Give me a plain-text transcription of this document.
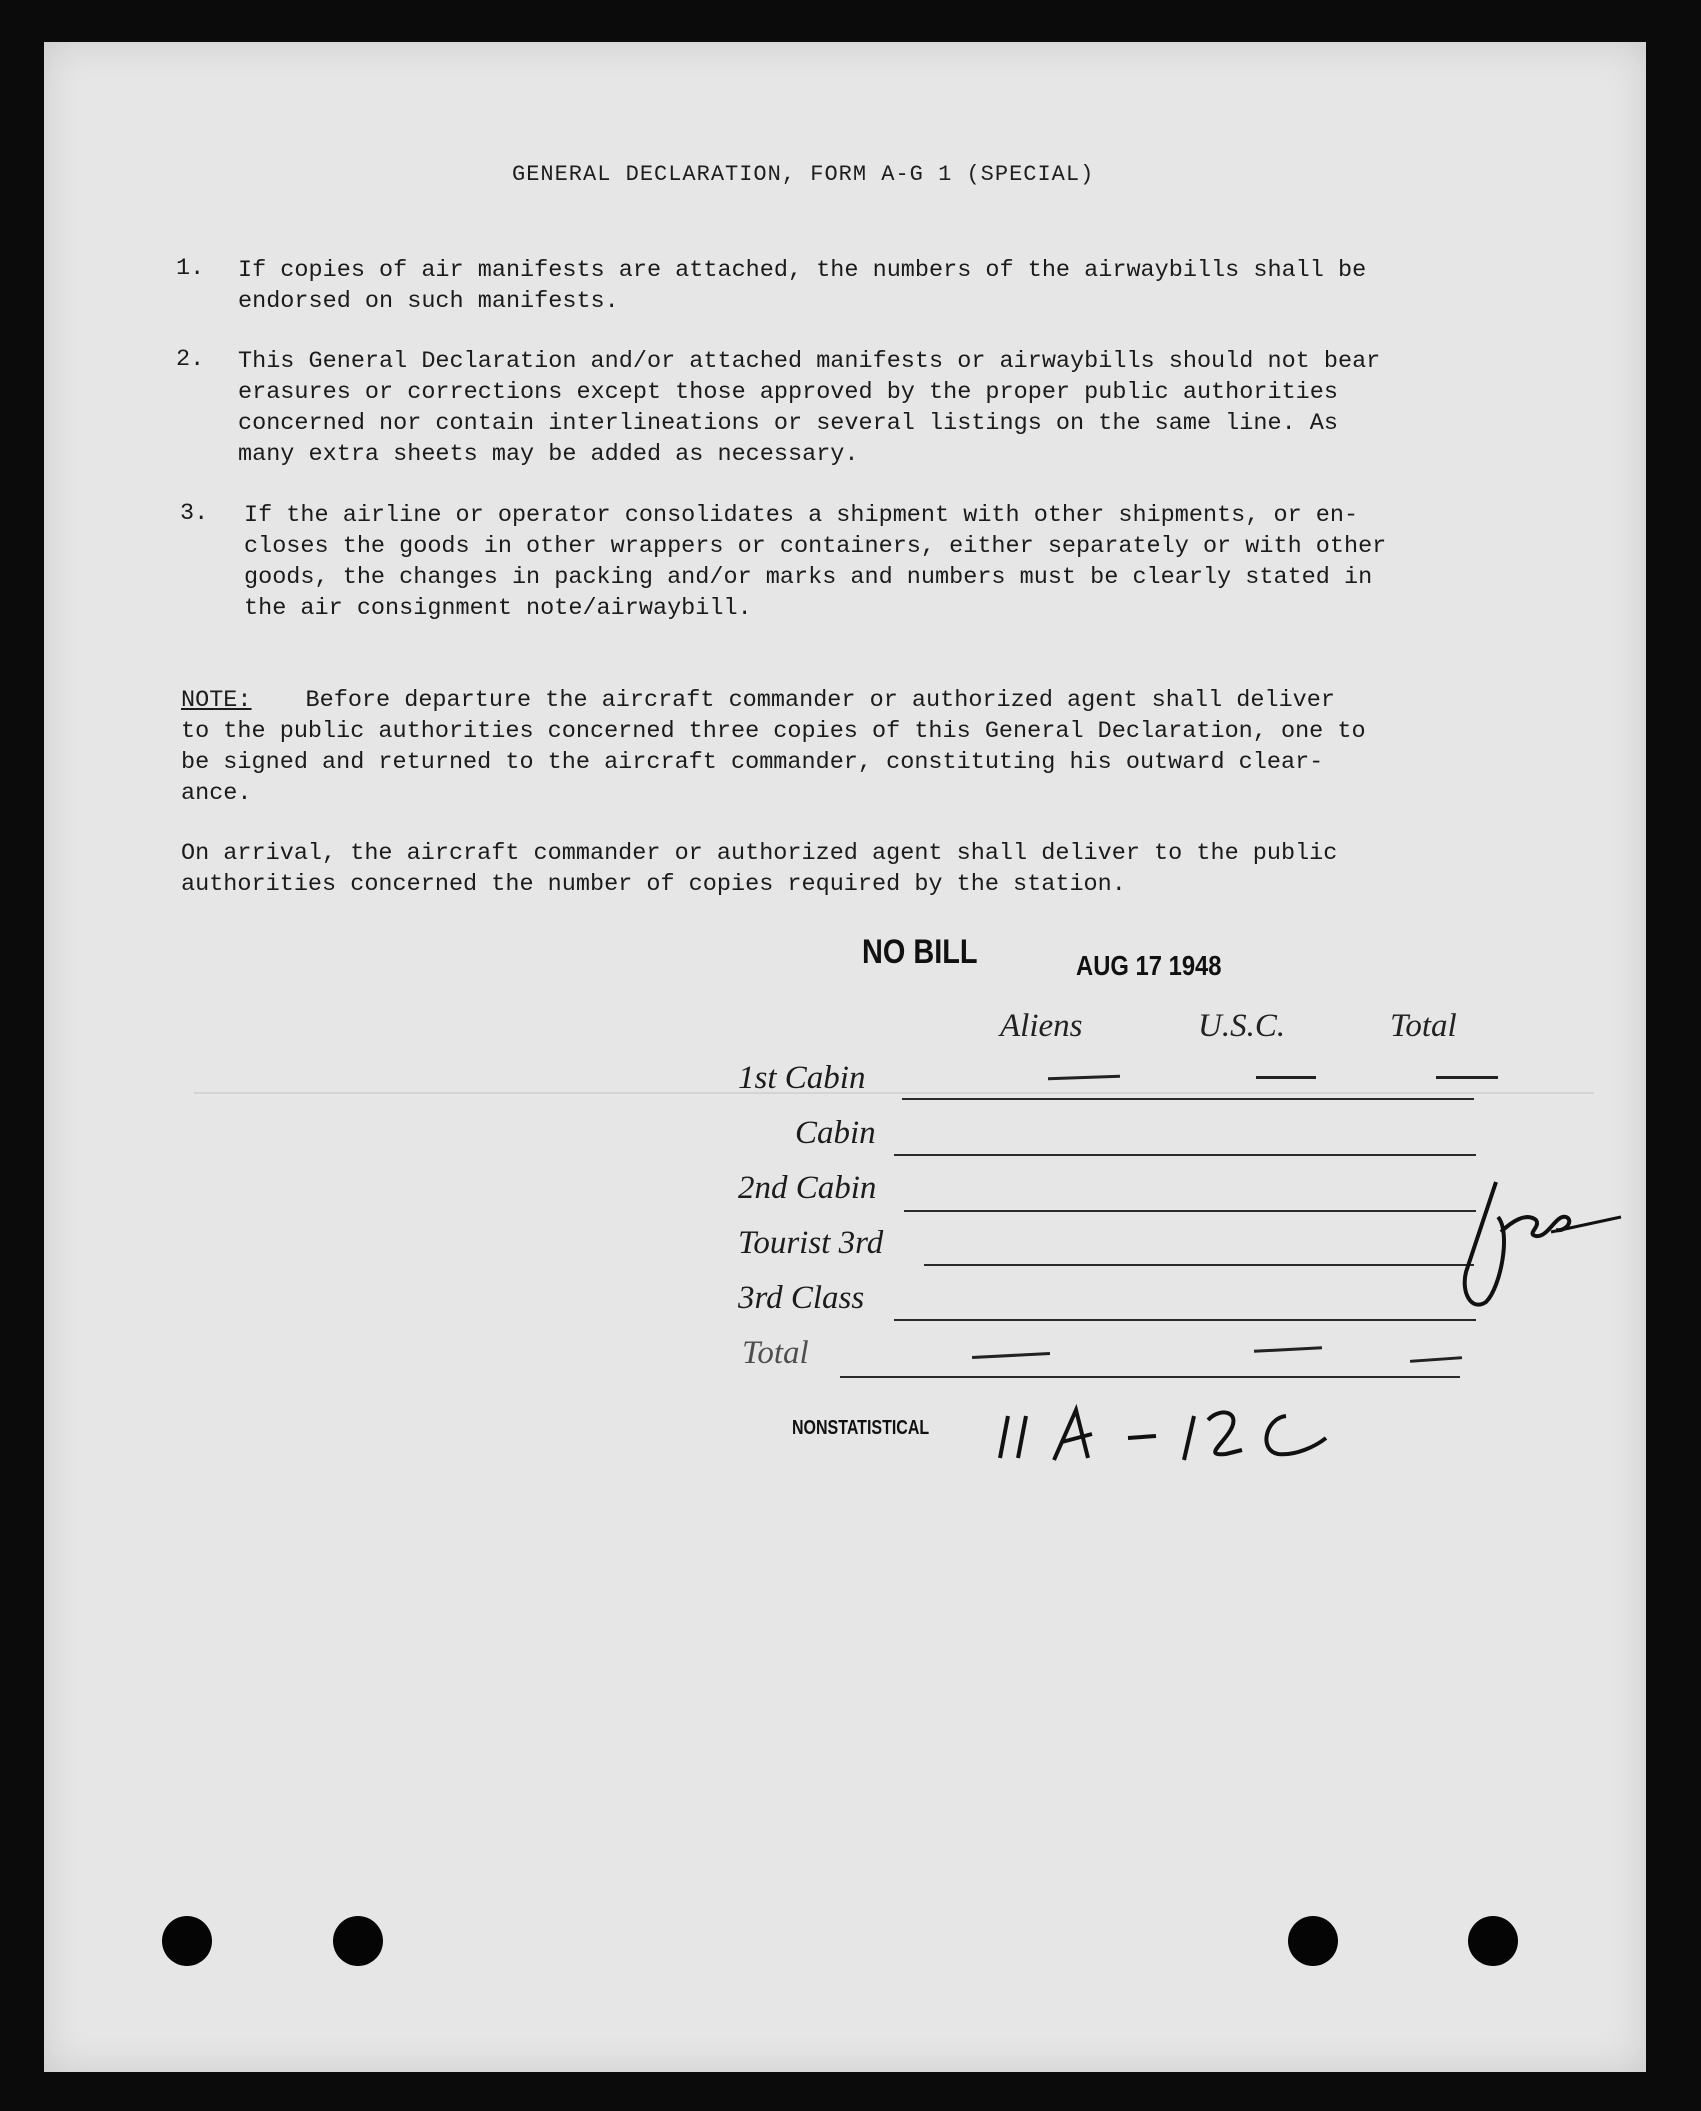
GENERAL DECLARATION, FORM A-G 1 (SPECIAL)
1. If copies of air manifests are attached, the numbers of the airwaybills shall be
endorsed on such manifests.
2. This General Declaration and/or attached manifests or airwaybills should not bear
erasures or corrections except those approved by the proper public authorities
concerned nor contain interlineations or several listings on the same line. As
many extra sheets may be added as necessary.
3. If the airline or operator consolidates a shipment with other shipments, or en-
closes the goods in other wrappers or containers, either separately or with other
goods, the changes in packing and/or marks and numbers must be clearly stated in
the air consignment note/airwaybill.
NOTE: Before departure the aircraft commander or authorized agent shall deliver
to the public authorities concerned three copies of this General Declaration, one to
be signed and returned to the aircraft commander, constituting his outward clear-
ance.
On arrival, the aircraft commander or authorized agent shall deliver to the public
authorities concerned the number of copies required by the station.
NO BILL	AUG 17 1948
Aliens	U.S.C.	Total
1st Cabin
Cabin
2nd Cabin
Tourist 3rd
3rd Class
Total
Jas
NONSTATISTICAL
